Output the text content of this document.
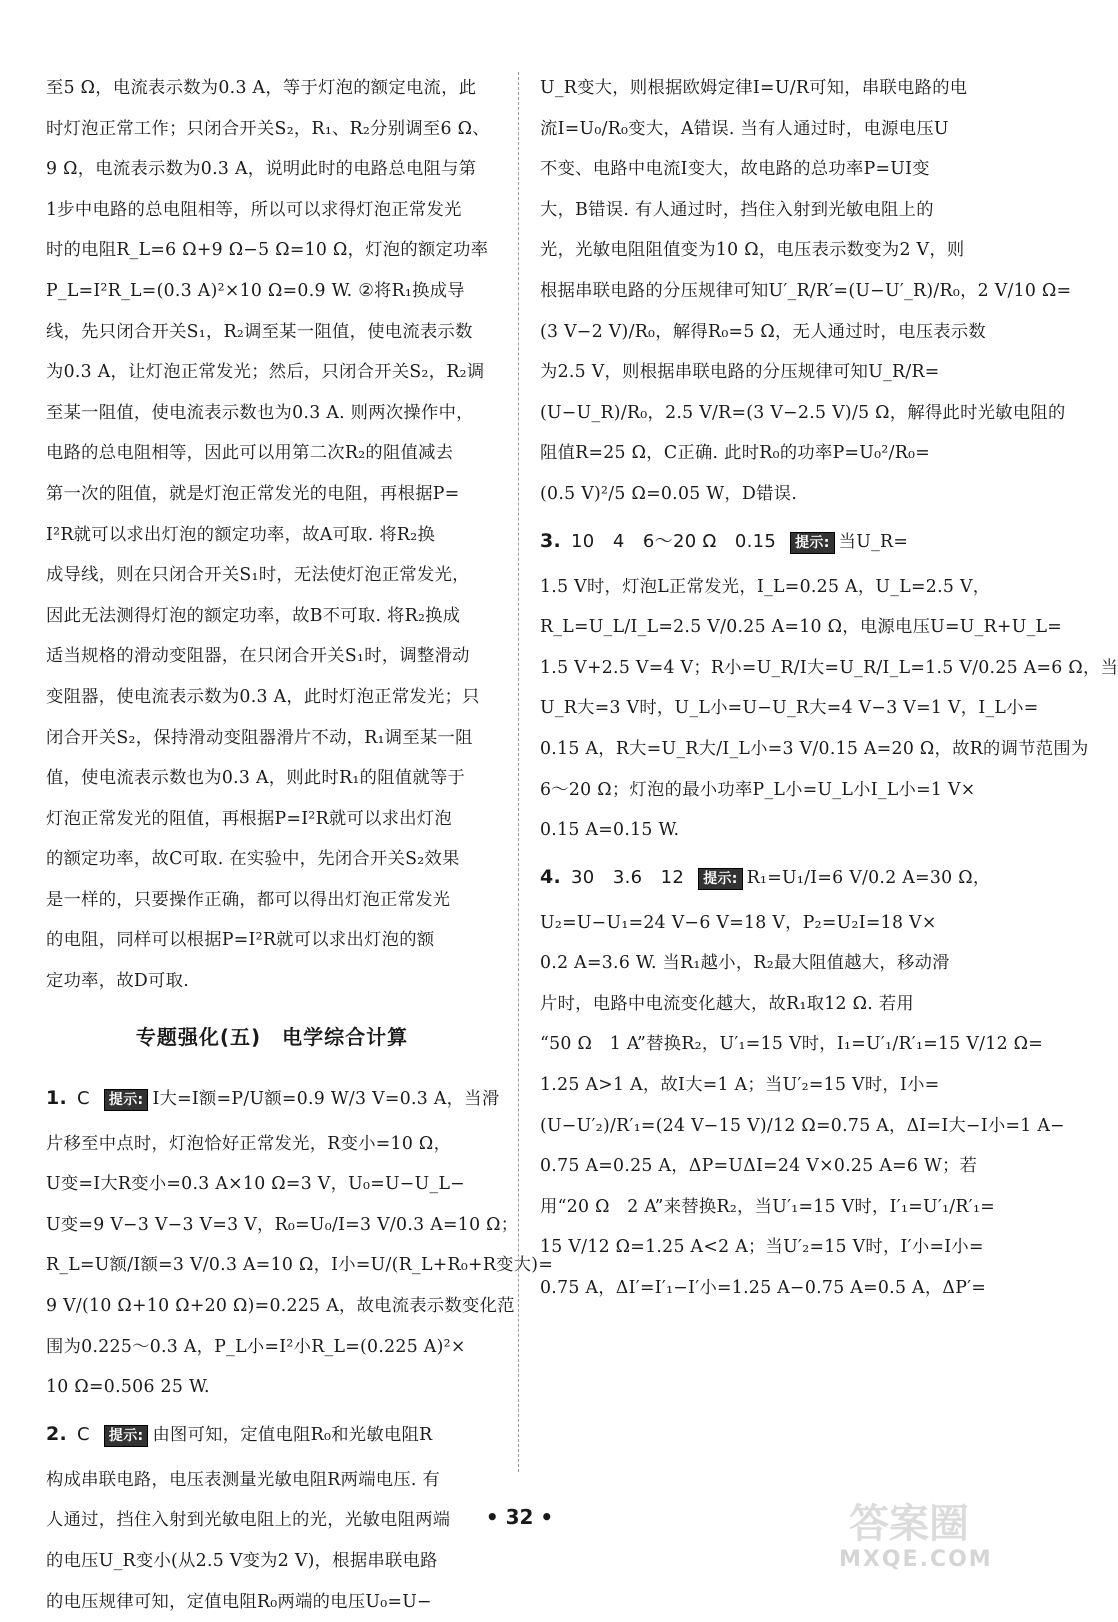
至5 Ω，电流表示数为0.3 A，等于灯泡的额定电流，此
时灯泡正常工作；只闭合开关S₂，R₁、R₂分别调至6 Ω、
9 Ω，电流表示数为0.3 A，说明此时的电路总电阻与第
1步中电路的总电阻相等，所以可以求得灯泡正常发光
时的电阻R_L=6 Ω+9 Ω−5 Ω=10 Ω，灯泡的额定功率
P_L=I²R_L=(0.3 A)²×10 Ω=0.9 W. ②将R₁换成导
线，先只闭合开关S₁，R₂调至某一阻值，使电流表示数
为0.3 A，让灯泡正常发光；然后，只闭合开关S₂，R₂调
至某一阻值，使电流表示数也为0.3 A. 则两次操作中，
电路的总电阻相等，因此可以用第二次R₂的阻值减去
第一次的阻值，就是灯泡正常发光的电阻，再根据P=
I²R就可以求出灯泡的额定功率，故A可取. 将R₂换
成导线，则在只闭合开关S₁时，无法使灯泡正常发光，
因此无法测得灯泡的额定功率，故B不可取. 将R₂换成
适当规格的滑动变阻器，在只闭合开关S₁时，调整滑动
变阻器，使电流表示数为0.3 A，此时灯泡正常发光；只
闭合开关S₂，保持滑动变阻器滑片不动，R₁调至某一阻
值，使电流表示数也为0.3 A，则此时R₁的阻值就等于
灯泡正常发光的阻值，再根据P=I²R就可以求出灯泡
的额定功率，故C可取. 在实验中，先闭合开关S₂效果
是一样的，只要操作正确，都可以得出灯泡正常发光
的电阻，同样可以根据P=I²R就可以求出灯泡的额
定功率，故D可取.
专题强化(五)　电学综合计算
1. C 提示 : I大=I额=P/U额=0.9 W/3 V=0.3 A，当滑
片移至中点时，灯泡恰好正常发光，R变小=10 Ω，
U变=I大R变小=0.3 A×10 Ω=3 V，U₀=U−U_L−
U变=9 V−3 V−3 V=3 V，R₀=U₀/I=3 V/0.3 A=10 Ω；
R_L=U额/I额=3 V/0.3 A=10 Ω，I小=U/(R_L+R₀+R变大)=
9 V/(10 Ω+10 Ω+20 Ω)=0.225 A，故电流表示数变化范
围为0.225～0.3 A，P_L小=I²小R_L=(0.225 A)²×
10 Ω=0.506 25 W.
2. C 提示 : 由图可知，定值电阻R₀和光敏电阻R
构成串联电路，电压表测量光敏电阻R两端电压. 有
人通过，挡住入射到光敏电阻上的光，光敏电阻两端
的电压U_R变小(从2.5 V变为2 V)，根据串联电路
的电压规律可知，定值电阻R₀两端的电压U₀=U−
U_R变大，则根据欧姆定律I=U/R可知，串联电路的电
流I=U₀/R₀变大，A错误. 当有人通过时，电源电压U
不变、电路中电流I变大，故电路的总功率P=UI变
大，B错误. 有人通过时，挡住入射到光敏电阻上的
光，光敏电阻阻值变为10 Ω，电压表示数变为2 V，则
根据串联电路的分压规律可知U′_R/R′=(U−U′_R)/R₀，2 V/10 Ω=
(3 V−2 V)/R₀，解得R₀=5 Ω，无人通过时，电压表示数
为2.5 V，则根据串联电路的分压规律可知U_R/R=
(U−U_R)/R₀，2.5 V/R=(3 V−2.5 V)/5 Ω，解得此时光敏电阻的
阻值R=25 Ω，C正确. 此时R₀的功率P=U₀²/R₀=
(0.5 V)²/5 Ω=0.05 W，D错误.
3. 10　4　6～20 Ω　0.15 提示 : 当U_R=
1.5 V时，灯泡L正常发光，I_L=0.25 A，U_L=2.5 V，
R_L=U_L/I_L=2.5 V/0.25 A=10 Ω，电源电压U=U_R+U_L=
1.5 V+2.5 V=4 V；R小=U_R/I大=U_R/I_L=1.5 V/0.25 A=6 Ω，当
U_R大=3 V时，U_L小=U−U_R大=4 V−3 V=1 V，I_L小=
0.15 A，R大=U_R大/I_L小=3 V/0.15 A=20 Ω，故R的调节范围为
6～20 Ω；灯泡的最小功率P_L小=U_L小I_L小=1 V×
0.15 A=0.15 W.
4. 30　3.6　12 提示 : R₁=U₁/I=6 V/0.2 A=30 Ω，
U₂=U−U₁=24 V−6 V=18 V，P₂=U₂I=18 V×
0.2 A=3.6 W. 当R₁越小，R₂最大阻值越大，移动滑
片时，电路中电流变化越大，故R₁取12 Ω. 若用
“50 Ω　1 A”替换R₂，U′₁=15 V时，I₁=U′₁/R′₁=15 V/12 Ω=
1.25 A>1 A，故I大=1 A；当U′₂=15 V时，I小=
(U−U′₂)/R′₁=(24 V−15 V)/12 Ω=0.75 A，ΔI=I大−I小=1 A−
0.75 A=0.25 A，ΔP=UΔI=24 V×0.25 A=6 W；若
用“20 Ω　2 A”来替换R₂，当U′₁=15 V时，I′₁=U′₁/R′₁=
15 V/12 Ω=1.25 A<2 A；当U′₂=15 V时，I′小=I小=
0.75 A，ΔI′=I′₁−I′小=1.25 A−0.75 A=0.5 A，ΔP′=
• 32 •	答案圈
MXQE.COM
